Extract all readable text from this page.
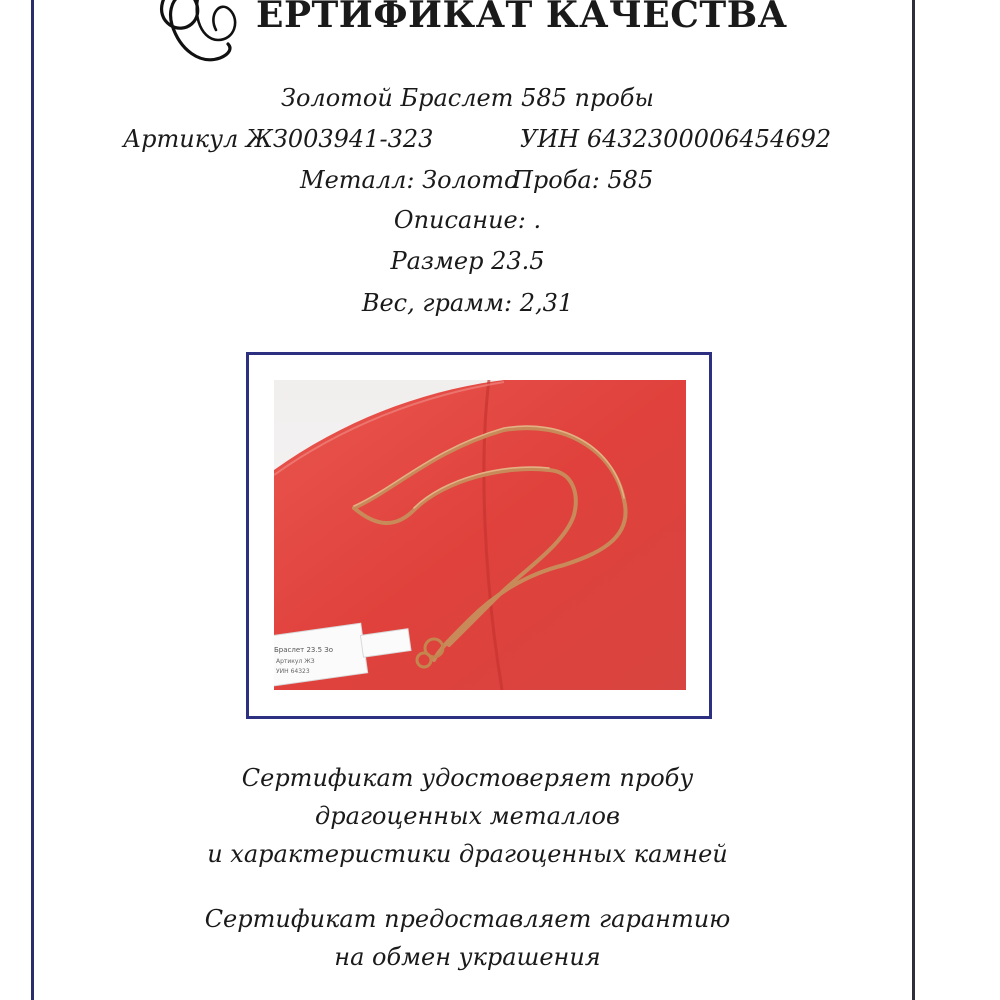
ЕРТИФИКАТ КАЧЕСТВА
Золотой Браслет 585 пробы
Артикул ЖЗ003941-323	УИН 6432300006454692
Металл: Золото
Проба: 585
Описание: .
Размер 23.5
Вес, грамм: 2,31
Браслет 23.5 Зо
Артикул ЖЗ
УИН 64323
Сертификат удостоверяет пробу
драгоценных металлов
и характеристики драгоценных камней
Сертификат предоставляет гарантию
на обмен украшения
